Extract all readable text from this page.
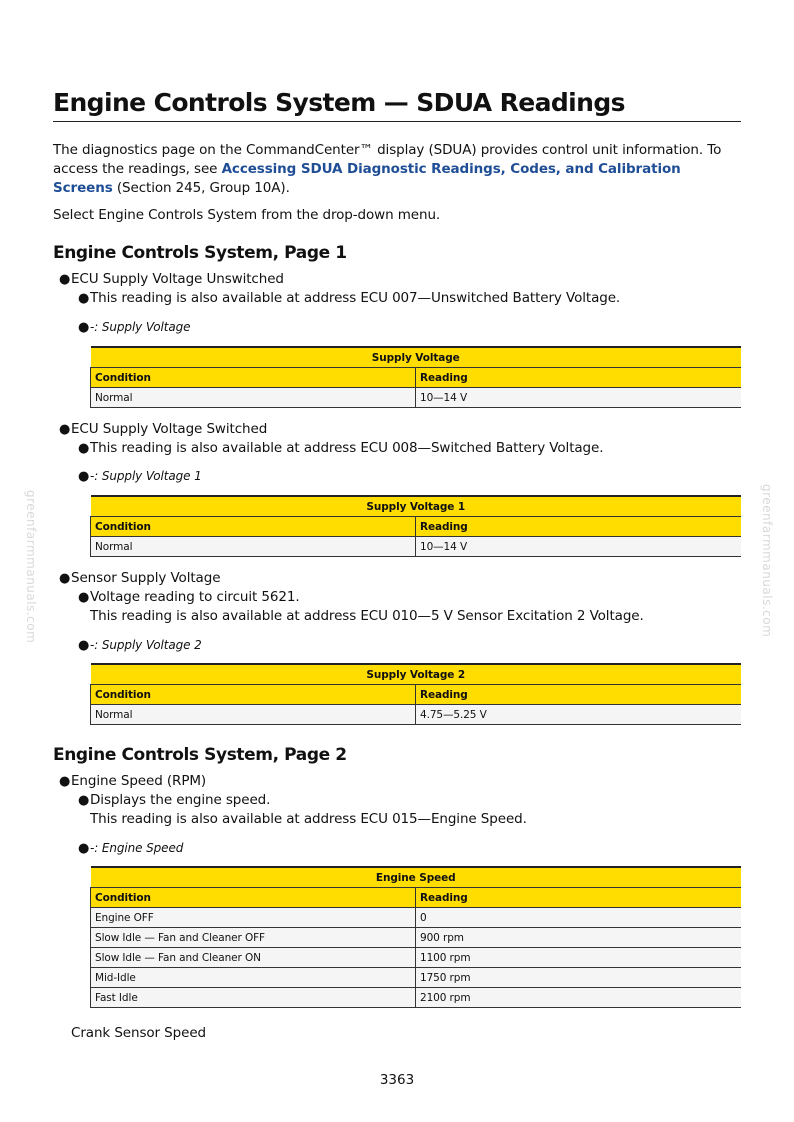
Engine Controls System — SDUA Readings

The diagnostics page on the CommandCenter™ display (SDUA) provides control unit information. To access the readings, see Accessing SDUA Diagnostic Readings, Codes, and Calibration Screens (Section 245, Group 10A).

Select Engine Controls System from the drop-down menu.

Engine Controls System, Page 1
● ECU Supply Voltage Unswitched
● This reading is also available at address ECU 007—Unswitched Battery Voltage.
● -: Supply Voltage
Supply Voltage	
Condition	Reading
Normal	10—14 V
● ECU Supply Voltage Switched
● This reading is also available at address ECU 008—Switched Battery Voltage.
● -: Supply Voltage 1
Supply Voltage 1	
Condition	Reading
Normal	10—14 V
● Sensor Supply Voltage
● Voltage reading to circuit 5621.
This reading is also available at address ECU 010—5 V Sensor Excitation 2 Voltage.
● -: Supply Voltage 2
Supply Voltage 2	
Condition	Reading
Normal	4.75—5.25 V
Engine Controls System, Page 2
● Engine Speed (RPM)
● Displays the engine speed.
This reading is also available at address ECU 015—Engine Speed.
● -: Engine Speed
Engine Speed	
Condition	Reading
Engine OFF	0
Slow Idle — Fan and Cleaner OFF	900 rpm
Slow Idle — Fan and Cleaner ON	1100 rpm
Mid-Idle	1750 rpm
Fast Idle	2100 rpm
Crank Sensor Speed
greenfarmmanuals.com	greenfarmmanuals.com
3363
